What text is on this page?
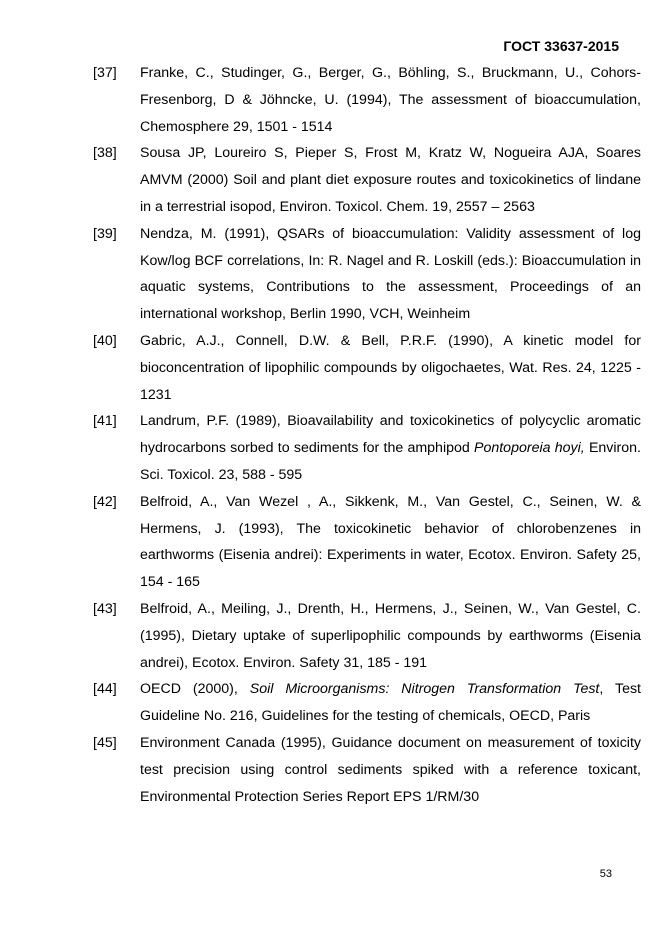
ГОСТ 33637-2015
[37]	Franke, C., Studinger, G., Berger, G., Böhling, S., Bruckmann, U., Cohors-Fresenborg, D & Jöhncke, U. (1994), The assessment of bioaccumulation, Chemosphere 29, 1501 - 1514
[38]	Sousa JP, Loureiro S, Pieper S, Frost M, Kratz W, Nogueira AJA, Soares AMVM (2000) Soil and plant diet exposure routes and toxicokinetics of lindane in a terrestrial isopod, Environ. Toxicol. Chem. 19, 2557 – 2563
[39]	Nendza, M. (1991), QSARs of bioaccumulation: Validity assessment of log Kow/log BCF correlations, In: R. Nagel and R. Loskill (eds.): Bioaccumulation in aquatic systems, Contributions to the assessment, Proceedings of an international workshop, Berlin 1990, VCH, Weinheim
[40]	Gabric, A.J., Connell, D.W. & Bell, P.R.F. (1990), A kinetic model for bioconcentration of lipophilic compounds by oligochaetes, Wat. Res. 24, 1225 - 1231
[41]	Landrum, P.F. (1989), Bioavailability and toxicokinetics of polycyclic aromatic hydrocarbons sorbed to sediments for the amphipod Pontoporeia hoyi, Environ. Sci. Toxicol. 23, 588 - 595
[42]	Belfroid, A., Van Wezel , A., Sikkenk, M., Van Gestel, C., Seinen, W. & Hermens, J. (1993), The toxicokinetic behavior of chlorobenzenes in earthworms (Eisenia andrei): Experiments in water, Ecotox. Environ. Safety 25, 154 - 165
[43]	Belfroid, A., Meiling, J., Drenth, H., Hermens, J., Seinen, W., Van Gestel, C. (1995), Dietary uptake of superlipophilic compounds by earthworms (Eisenia andrei), Ecotox. Environ. Safety 31, 185 - 191
[44]	OECD (2000), Soil Microorganisms: Nitrogen Transformation Test, Test Guideline No. 216, Guidelines for the testing of chemicals, OECD, Paris
[45]	Environment Canada (1995), Guidance document on measurement of toxicity test precision using control sediments spiked with a reference toxicant, Environmental Protection Series Report EPS 1/RM/30
53
